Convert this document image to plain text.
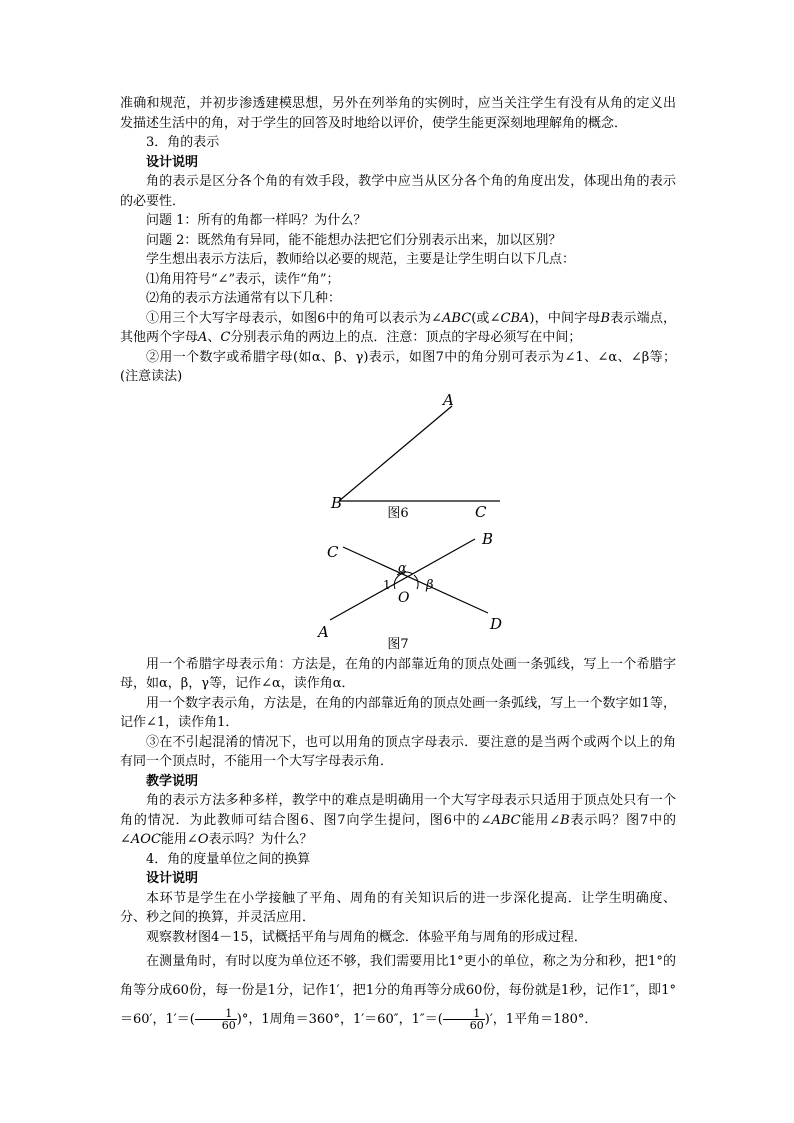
准确和规范，并初步渗透建模思想，另外在列举角的实例时，应当关注学生有没有从角的定义出发描述生活中的角，对于学生的回答及时地给以评价，使学生能更深刻地理解角的概念．

3．角的表示

设计说明

角的表示是区分各个角的有效手段，教学中应当从区分各个角的角度出发，体现出角的表示的必要性．

问题 1：所有的角都一样吗？为什么？

问题 2：既然角有异同，能不能想办法把它们分别表示出来，加以区别？

学生想出表示方法后，教师给以必要的规范，主要是让学生明白以下几点：

⑴角用符号“∠”表示，读作“角”；

⑵角的表示方法通常有以下几种：

①用三个大写字母表示，如图6中的角可以表示为∠ABC(或∠CBA)，中间字母B表示端点，其他两个字母A、C分别表示角的两边上的点．注意：顶点的字母必须写在中间；

②用一个数字或希腊字母(如α、β、γ)表示，如图7中的角分别可表示为∠1、∠α、∠β等；(注意读法)

A
B	C

图6

C
B
A	D
O
1
α
β

图7

用一个希腊字母表示角：方法是，在角的内部靠近角的顶点处画一条弧线，写上一个希腊字母，如α，β，γ等，记作∠α，读作角α．

用一个数字表示角，方法是，在角的内部靠近角的顶点处画一条弧线，写上一个数字如1等，记作∠1，读作角1．

③在不引起混淆的情况下，也可以用角的顶点字母表示．要注意的是当两个或两个以上的角有同一个顶点时，不能用一个大写字母表示角．

教学说明

角的表示方法多种多样，教学中的难点是明确用一个大写字母表示只适用于顶点处只有一个角的情况．为此教师可结合图6、图7向学生提问，图6中的∠ABC能用∠B表示吗？图7中的∠AOC能用∠O表示吗？为什么？

4．角的度量单位之间的换算

设计说明

本环节是学生在小学接触了平角、周角的有关知识后的进一步深化提高．让学生明确度、分、秒之间的换算，并灵活应用．

观察教材图4－15，试概括平角与周角的概念．体验平角与周角的形成过程．

在测量角时，有时以度为单位还不够，我们需要用比1°更小的单位，称之为分和秒，把1°的角等分成60份，每一份是1分，记作1′，把1分的角再等分成60份，每份就是1秒，记作1″，即1°＝60′，$1'=( \frac{1}{60}$ )°，1周角＝360°，1′＝60″，$1''=( \frac{1}{60}$ )′，1平角＝180°．
